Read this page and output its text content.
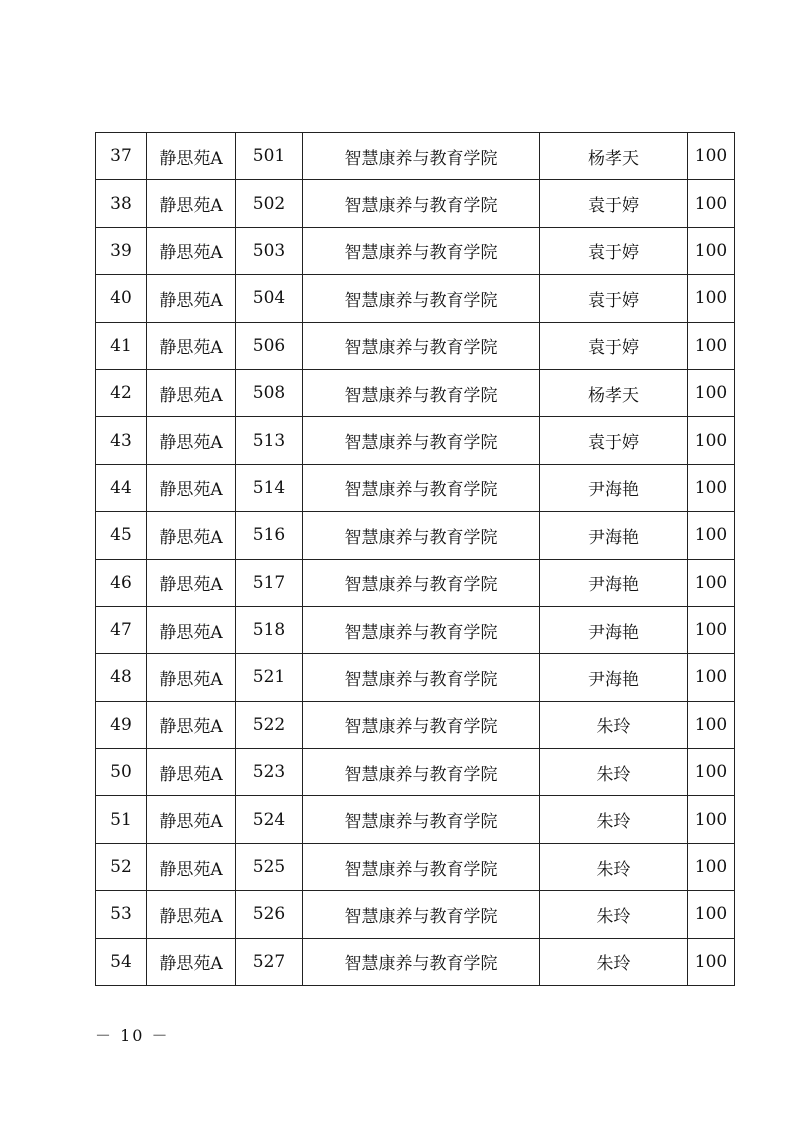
37	静思苑A	501	智慧康养与教育学院	杨孝天	100
38	静思苑A	502	智慧康养与教育学院	袁于婷	100
39	静思苑A	503	智慧康养与教育学院	袁于婷	100
40	静思苑A	504	智慧康养与教育学院	袁于婷	100
41	静思苑A	506	智慧康养与教育学院	袁于婷	100
42	静思苑A	508	智慧康养与教育学院	杨孝天	100
43	静思苑A	513	智慧康养与教育学院	袁于婷	100
44	静思苑A	514	智慧康养与教育学院	尹海艳	100
45	静思苑A	516	智慧康养与教育学院	尹海艳	100
46	静思苑A	517	智慧康养与教育学院	尹海艳	100
47	静思苑A	518	智慧康养与教育学院	尹海艳	100
48	静思苑A	521	智慧康养与教育学院	尹海艳	100
49	静思苑A	522	智慧康养与教育学院	朱玲	100
50	静思苑A	523	智慧康养与教育学院	朱玲	100
51	静思苑A	524	智慧康养与教育学院	朱玲	100
52	静思苑A	525	智慧康养与教育学院	朱玲	100
53	静思苑A	526	智慧康养与教育学院	朱玲	100
54	静思苑A	527	智慧康养与教育学院	朱玲	100
－ 10 －
